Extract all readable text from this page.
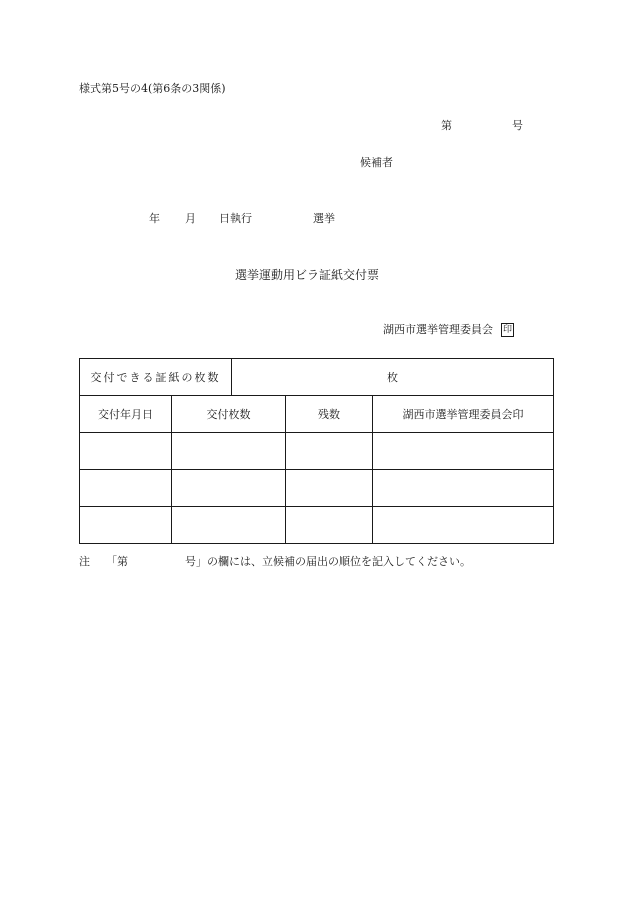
様式第5号の4(第6条の3関係)
第	号
候補者
年 月 日執行	選挙
選挙運動用ビラ証紙交付票
湖西市選挙管理委員会 印
交付できる証紙の枚数		枚		
交付年月日	交付枚数		残数	湖西市選挙管理委員会印

注 「第	号」の欄には、立候補の届出の順位を記入してください。
